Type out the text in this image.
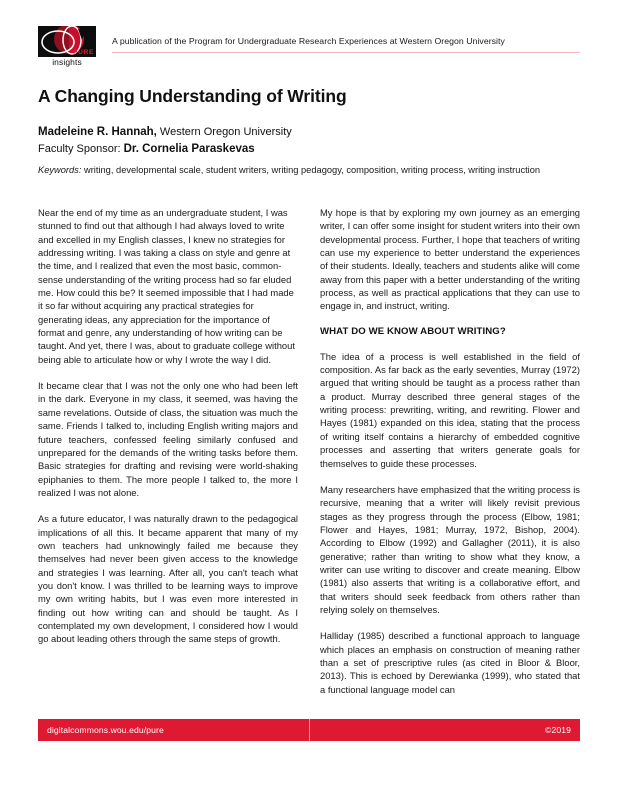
PURE
insights
A publication of the Program for Undergraduate Research Experiences at Western Oregon University
A Changing Understanding of Writing
Madeleine R. Hannah, Western Oregon University
Faculty Sponsor: Dr. Cornelia Paraskevas
Keywords: writing, developmental scale, student writers, writing pedagogy, composition, writing process, writing instruction

Near the end of my time as an undergraduate student, I was stunned to find out that although I had always loved to write and excelled in my English classes, I knew no strategies for addressing writing. I was taking a class on style and genre at the time, and I realized that even the most basic, common-sense understanding of the writing process had so far eluded me. How could this be? It seemed impossible that I had made it so far without acquiring any practical strategies for generating ideas, any appreciation for the importance of format and genre, any understanding of how writing can be taught. And yet, there I was, about to graduate college without being able to articulate how or why I wrote the way I did.

It became clear that I was not the only one who had been left in the dark. Everyone in my class, it seemed, was having the same revelations. Outside of class, the situation was much the same. Friends I talked to, including English writing majors and future teachers, confessed feeling similarly confused and unprepared for the demands of the writing tasks before them. Basic strategies for drafting and revising were world-shaking epiphanies to them. The more people I talked to, the more I realized I was not alone.

As a future educator, I was naturally drawn to the pedagogical implications of all this. It became apparent that many of my own teachers had unknowingly failed me because they themselves had never been given access to the knowledge and strategies I was learning. After all, you can't teach what you don't know. I was thrilled to be learning ways to improve my own writing habits, but I was even more interested in finding out how writing can and should be taught. As I contemplated my own development, I considered how I would go about leading others through the same steps of growth.

My hope is that by exploring my own journey as an emerging writer, I can offer some insight for student writers into their own developmental process. Further, I hope that teachers of writing can use my experience to better understand the experiences of their students. Ideally, teachers and students alike will come away from this paper with a better understanding of the writing process, as well as practical applications that they can use to engage in, and instruct, writing.

WHAT DO WE KNOW ABOUT WRITING?

The idea of a process is well established in the field of composition. As far back as the early seventies, Murray (1972) argued that writing should be taught as a process rather than a product. Murray described three general stages of the writing process: prewriting, writing, and rewriting. Flower and Hayes (1981) expanded on this idea, stating that the process of writing itself contains a hierarchy of embedded cognitive processes and asserting that writers generate goals for themselves to guide these processes.

Many researchers have emphasized that the writing process is recursive, meaning that a writer will likely revisit previous stages as they progress through the process (Elbow, 1981; Flower and Hayes, 1981; Murray, 1972, Bishop, 2004). According to Elbow (1992) and Gallagher (2011), it is also generative; rather than writing to show what they know, a writer can use writing to discover and create meaning. Elbow (1981) also asserts that writing is a collaborative effort, and that writers should seek feedback from others rather than relying solely on themselves.

Halliday (1985) described a functional approach to language which places an emphasis on construction of meaning rather than a set of prescriptive rules (as cited in Bloor & Bloor, 2013). This is echoed by Derewianka (1999), who stated that a functional language model can

digitalcommons.wou.edu/pure	©2019
